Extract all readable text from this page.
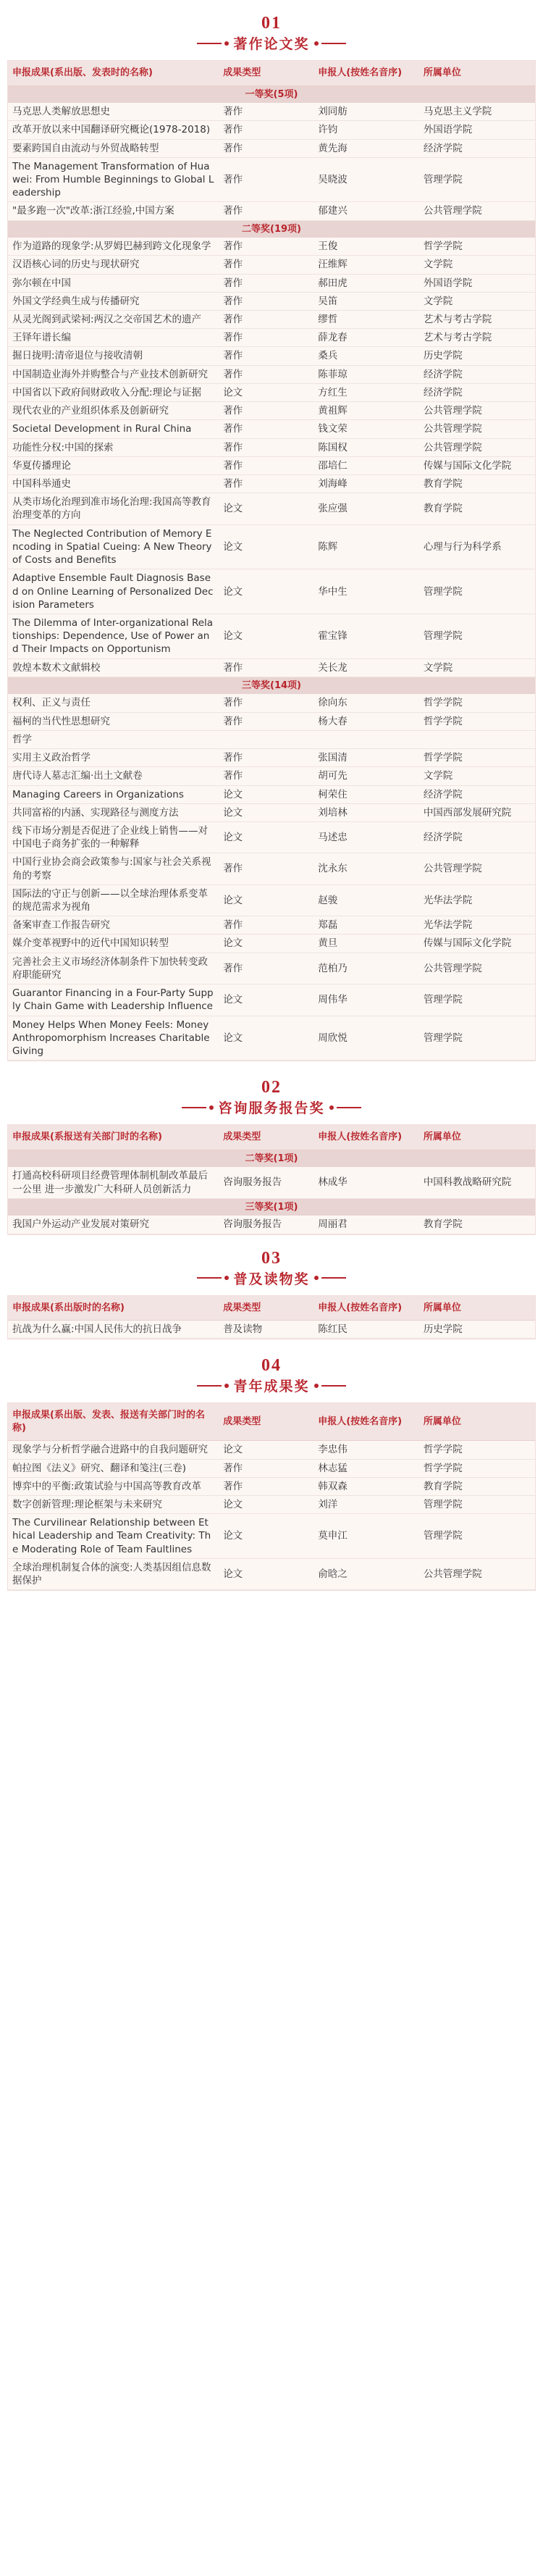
01
著作论文奖
申报成果(系出版、发表时的名称)	成果类型	申报人(按姓名音序)	所属单位
一等奖(5项)			
马克思人类解放思想史	著作	刘同舫	马克思主义学院
改革开放以来中国翻译研究概论(1978-2018)	著作	许钧	外国语学院
要素跨国自由流动与外贸战略转型	著作	黄先海	经济学院
The Management Transformation of Huawei: From Humble Beginnings to Global Leadership	著作	吴晓波	管理学院
"最多跑一次"改革:浙江经验,中国方案	著作	郁建兴	公共管理学院
二等奖(19项)			
作为道路的现象学:从罗姆巴赫到跨文化现象学	著作	王俊	哲学学院
汉语核心词的历史与现状研究	著作	汪维辉	文学院
弥尔顿在中国	著作	郝田虎	外国语学院
外国文学经典生成与传播研究	著作	吴笛	文学院
从灵光阁到武梁祠:两汉之交帝国艺术的遗产	著作	缪哲	艺术与考古学院
王铎年谱长编	著作	薛龙春	艺术与考古学院
掘日拢明:清帝退位与接收清朝	著作	桑兵	历史学院
中国制造业海外并购整合与产业技术创新研究	著作	陈菲琼	经济学院
中国省以下政府间财政收入分配:理论与证据	论文	方红生	经济学院
现代农业的产业组织体系及创新研究	著作	黄祖辉	公共管理学院
Societal Development in Rural China	著作	钱文荣	公共管理学院
功能性分权:中国的探索	著作	陈国权	公共管理学院
华夏传播理论	著作	邵培仁	传媒与国际文化学院
中国科举通史	著作	刘海峰	教育学院
从类市场化治理到准市场化治理:我国高等教育治理变革的方向	论文	张应强	教育学院
The Neglected Contribution of Memory Encoding in Spatial Cueing: A New Theory of Costs and Benefits	论文	陈辉	心理与行为科学系
Adaptive Ensemble Fault Diagnosis Based on Online Learning of Personalized Decision Parameters	论文	华中生	管理学院
The Dilemma of Inter-organizational Relationships: Dependence, Use of Power and Their Impacts on Opportunism	论文	霍宝锋	管理学院
敦煌本数术文献辑校	著作	关长龙	文学院
三等奖(14项)			
权利、正义与责任	著作	徐向东	哲学学院
福柯的当代性思想研究	著作	杨大春	哲学学院
哲学			
实用主义政治哲学	著作	张国清	哲学学院
唐代诗人墓志汇编·出土文献卷	著作	胡可先	文学院
Managing Careers in Organizations	论文	柯荣住	经济学院
共同富裕的内涵、实现路径与测度方法	论文	刘培林	中国西部发展研究院
线下市场分割是否促进了企业线上销售——对中国电子商务扩张的一种解释	论文	马述忠	经济学院
中国行业协会商会政策参与:国家与社会关系视角的考察	著作	沈永东	公共管理学院
国际法的守正与创新——以全球治理体系变革的规范需求为视角	论文	赵骏	光华法学院
备案审查工作报告研究	著作	郑磊	光华法学院
媒介变革视野中的近代中国知识转型	论文	黄旦	传媒与国际文化学院
完善社会主义市场经济体制条件下加快转变政府职能研究	著作	范柏乃	公共管理学院
Guarantor Financing in a Four-Party Supply Chain Game with Leadership Influence	论文	周伟华	管理学院
Money Helps When Money Feels: Money Anthropomorphism Increases Charitable Giving	论文	周欣悦	管理学院
02
咨询服务报告奖
申报成果(系报送有关部门时的名称)	成果类型	申报人(按姓名音序)	所属单位
二等奖(1项)			
打通高校科研项目经费管理体制机制改革最后一公里 进一步激发广大科研人员创新活力	咨询服务报告	林成华	中国科教战略研究院
三等奖(1项)			
我国户外运动产业发展对策研究	咨询服务报告	周丽君	教育学院
03
普及读物奖
申报成果(系出版时的名称)	成果类型	申报人(按姓名音序)	所属单位
抗战为什么赢:中国人民伟大的抗日战争	普及读物	陈红民	历史学院
04
青年成果奖
申报成果(系出版、发表、报送有关部门时的名称)	成果类型	申报人(按姓名音序)	所属单位
现象学与分析哲学融合进路中的自我问题研究	论文	李忠伟	哲学学院
帕拉图《法义》研究、翻译和笺注(三卷)	著作	林志猛	哲学学院
博弈中的平衡:政策试验与中国高等教育改革	著作	韩双森	教育学院
数字创新管理:理论框架与未来研究	论文	刘洋	管理学院
The Curvilinear Relationship between Ethical Leadership and Team Creativity: The Moderating Role of Team Faultlines	论文	莫申江	管理学院
全球治理机制复合体的演变:人类基因组信息数据保护	论文	俞晗之	公共管理学院
